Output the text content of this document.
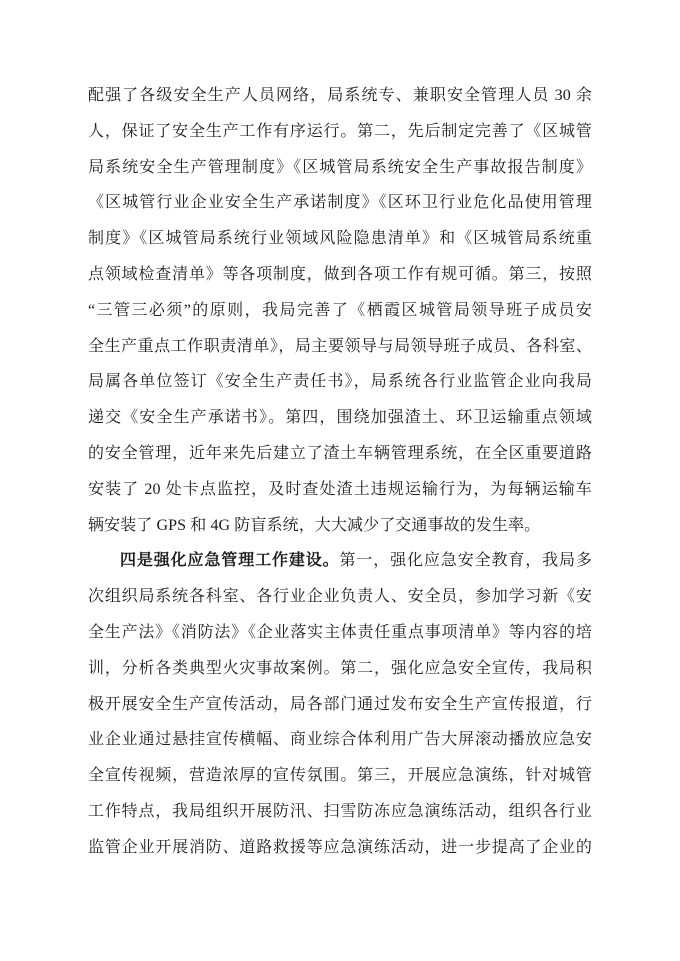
配强了各级安全生产人员网络，局系统专、兼职安全管理人员 30 余
人，保证了安全生产工作有序运行。第二，先后制定完善了《区城管
局系统安全生产管理制度》《区城管局系统安全生产事故报告制度》
《区城管行业企业安全生产承诺制度》《区环卫行业危化品使用管理
制度》《区城管局系统行业领域风险隐患清单》和《区城管局系统重
点领域检查清单》等各项制度，做到各项工作有规可循。第三，按照
“三管三必须”的原则，我局完善了《栖霞区城管局领导班子成员安
全生产重点工作职责清单》，局主要领导与局领导班子成员、各科室、
局属各单位签订《安全生产责任书》，局系统各行业监管企业向我局
递交《安全生产承诺书》。第四，围绕加强渣土、环卫运输重点领域
的安全管理，近年来先后建立了渣土车辆管理系统，在全区重要道路
安装了 20 处卡点监控，及时查处渣土违规运输行为，为每辆运输车
辆安装了 GPS 和 4G 防盲系统，大大减少了交通事故的发生率。
四是强化应急管理工作建设。第一，强化应急安全教育，我局多
次组织局系统各科室、各行业企业负责人、安全员，参加学习新《安
全生产法》《消防法》《企业落实主体责任重点事项清单》等内容的培
训，分析各类典型火灾事故案例。第二，强化应急安全宣传，我局积
极开展安全生产宣传活动，局各部门通过发布安全生产宣传报道，行
业企业通过悬挂宣传横幅、商业综合体利用广告大屏滚动播放应急安
全宣传视频，营造浓厚的宣传氛围。第三，开展应急演练，针对城管
工作特点，我局组织开展防汛、扫雪防冻应急演练活动，组织各行业
监管企业开展消防、道路救援等应急演练活动，进一步提高了企业的
